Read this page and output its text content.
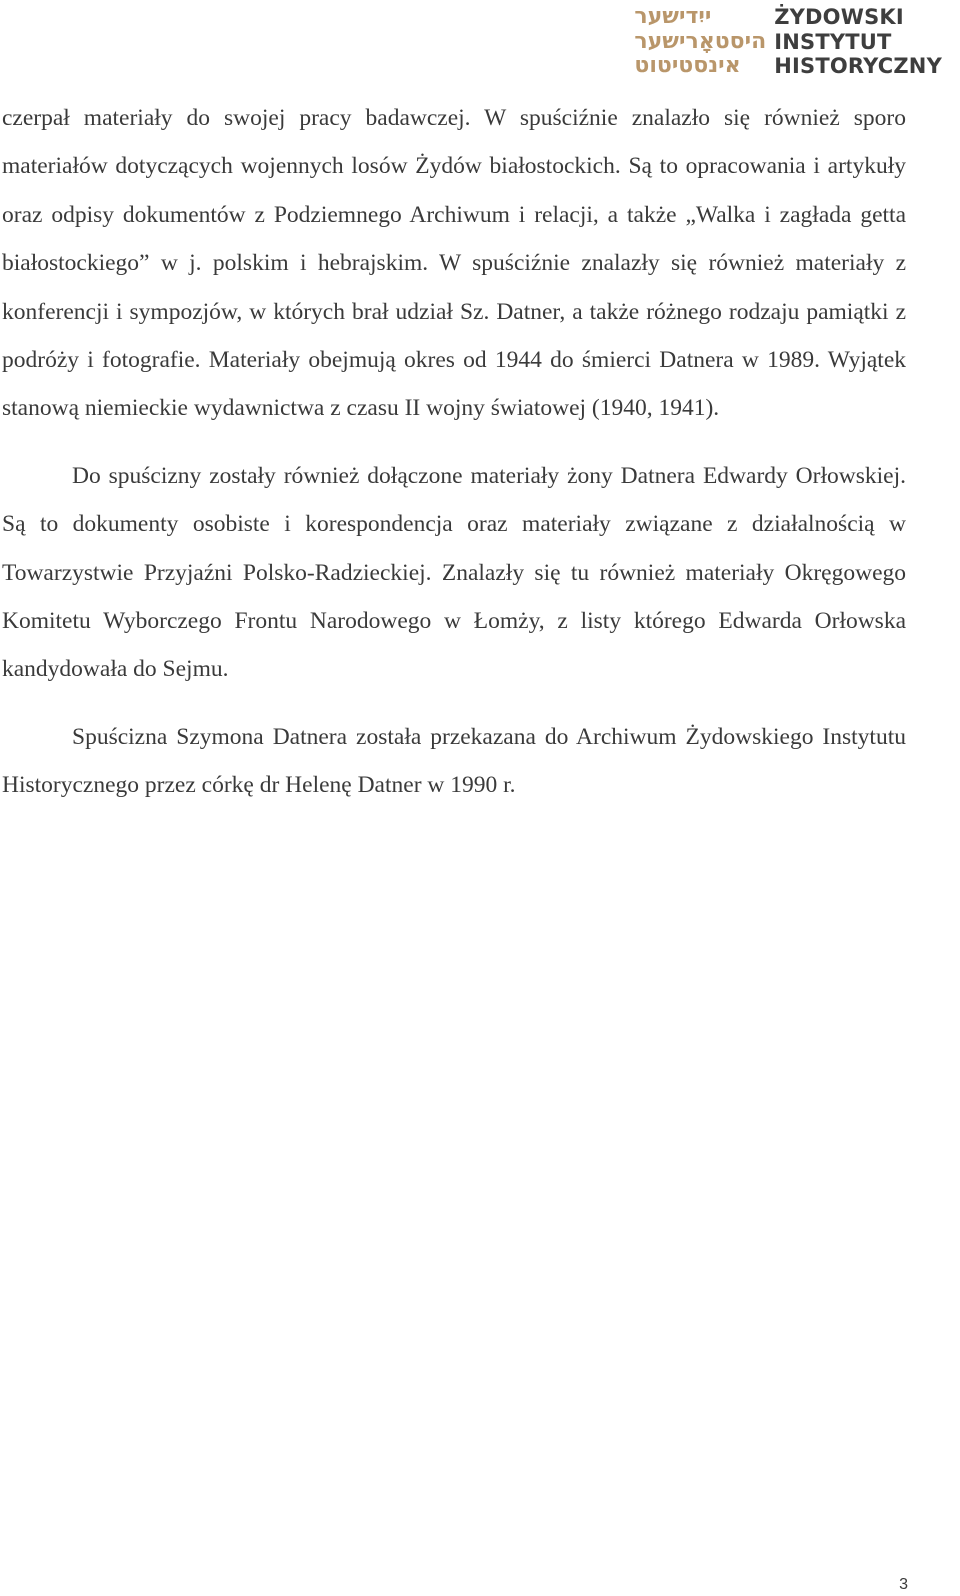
ייִדישער
היסטאָרישער
אינסטיטוט
ŻYDOWSKI
INSTYTUT
HISTORYCZNY

czerpał materiały do swojej pracy badawczej. W spuściźnie znalazło się również sporo materiałów dotyczących wojennych losów Żydów białostockich. Są to opracowania i artykuły oraz odpisy dokumentów z Podziemnego Archiwum i relacji, a także „Walka i zagłada getta białostockiego” w j. polskim i hebrajskim. W spuściźnie znalazły się również materiały z konferencji i sympozjów, w których brał udział Sz. Datner, a także różnego rodzaju pamiątki z podróży i fotografie. Materiały obejmują okres od 1944 do śmierci Datnera w 1989. Wyjątek stanową niemieckie wydawnictwa z czasu II wojny światowej (1940, 1941).

Do spuścizny zostały również dołączone materiały żony Datnera Edwardy Orłowskiej. Są to dokumenty osobiste i korespondencja oraz materiały związane z działalnością w Towarzystwie Przyjaźni Polsko-Radzieckiej. Znalazły się tu również materiały Okręgowego Komitetu Wyborczego Frontu Narodowego w Łomży, z listy którego Edwarda Orłowska kandydowała do Sejmu.

Spuścizna Szymona Datnera została przekazana do Archiwum Żydowskiego Instytutu Historycznego przez córkę dr Helenę Datner w 1990 r.

3
